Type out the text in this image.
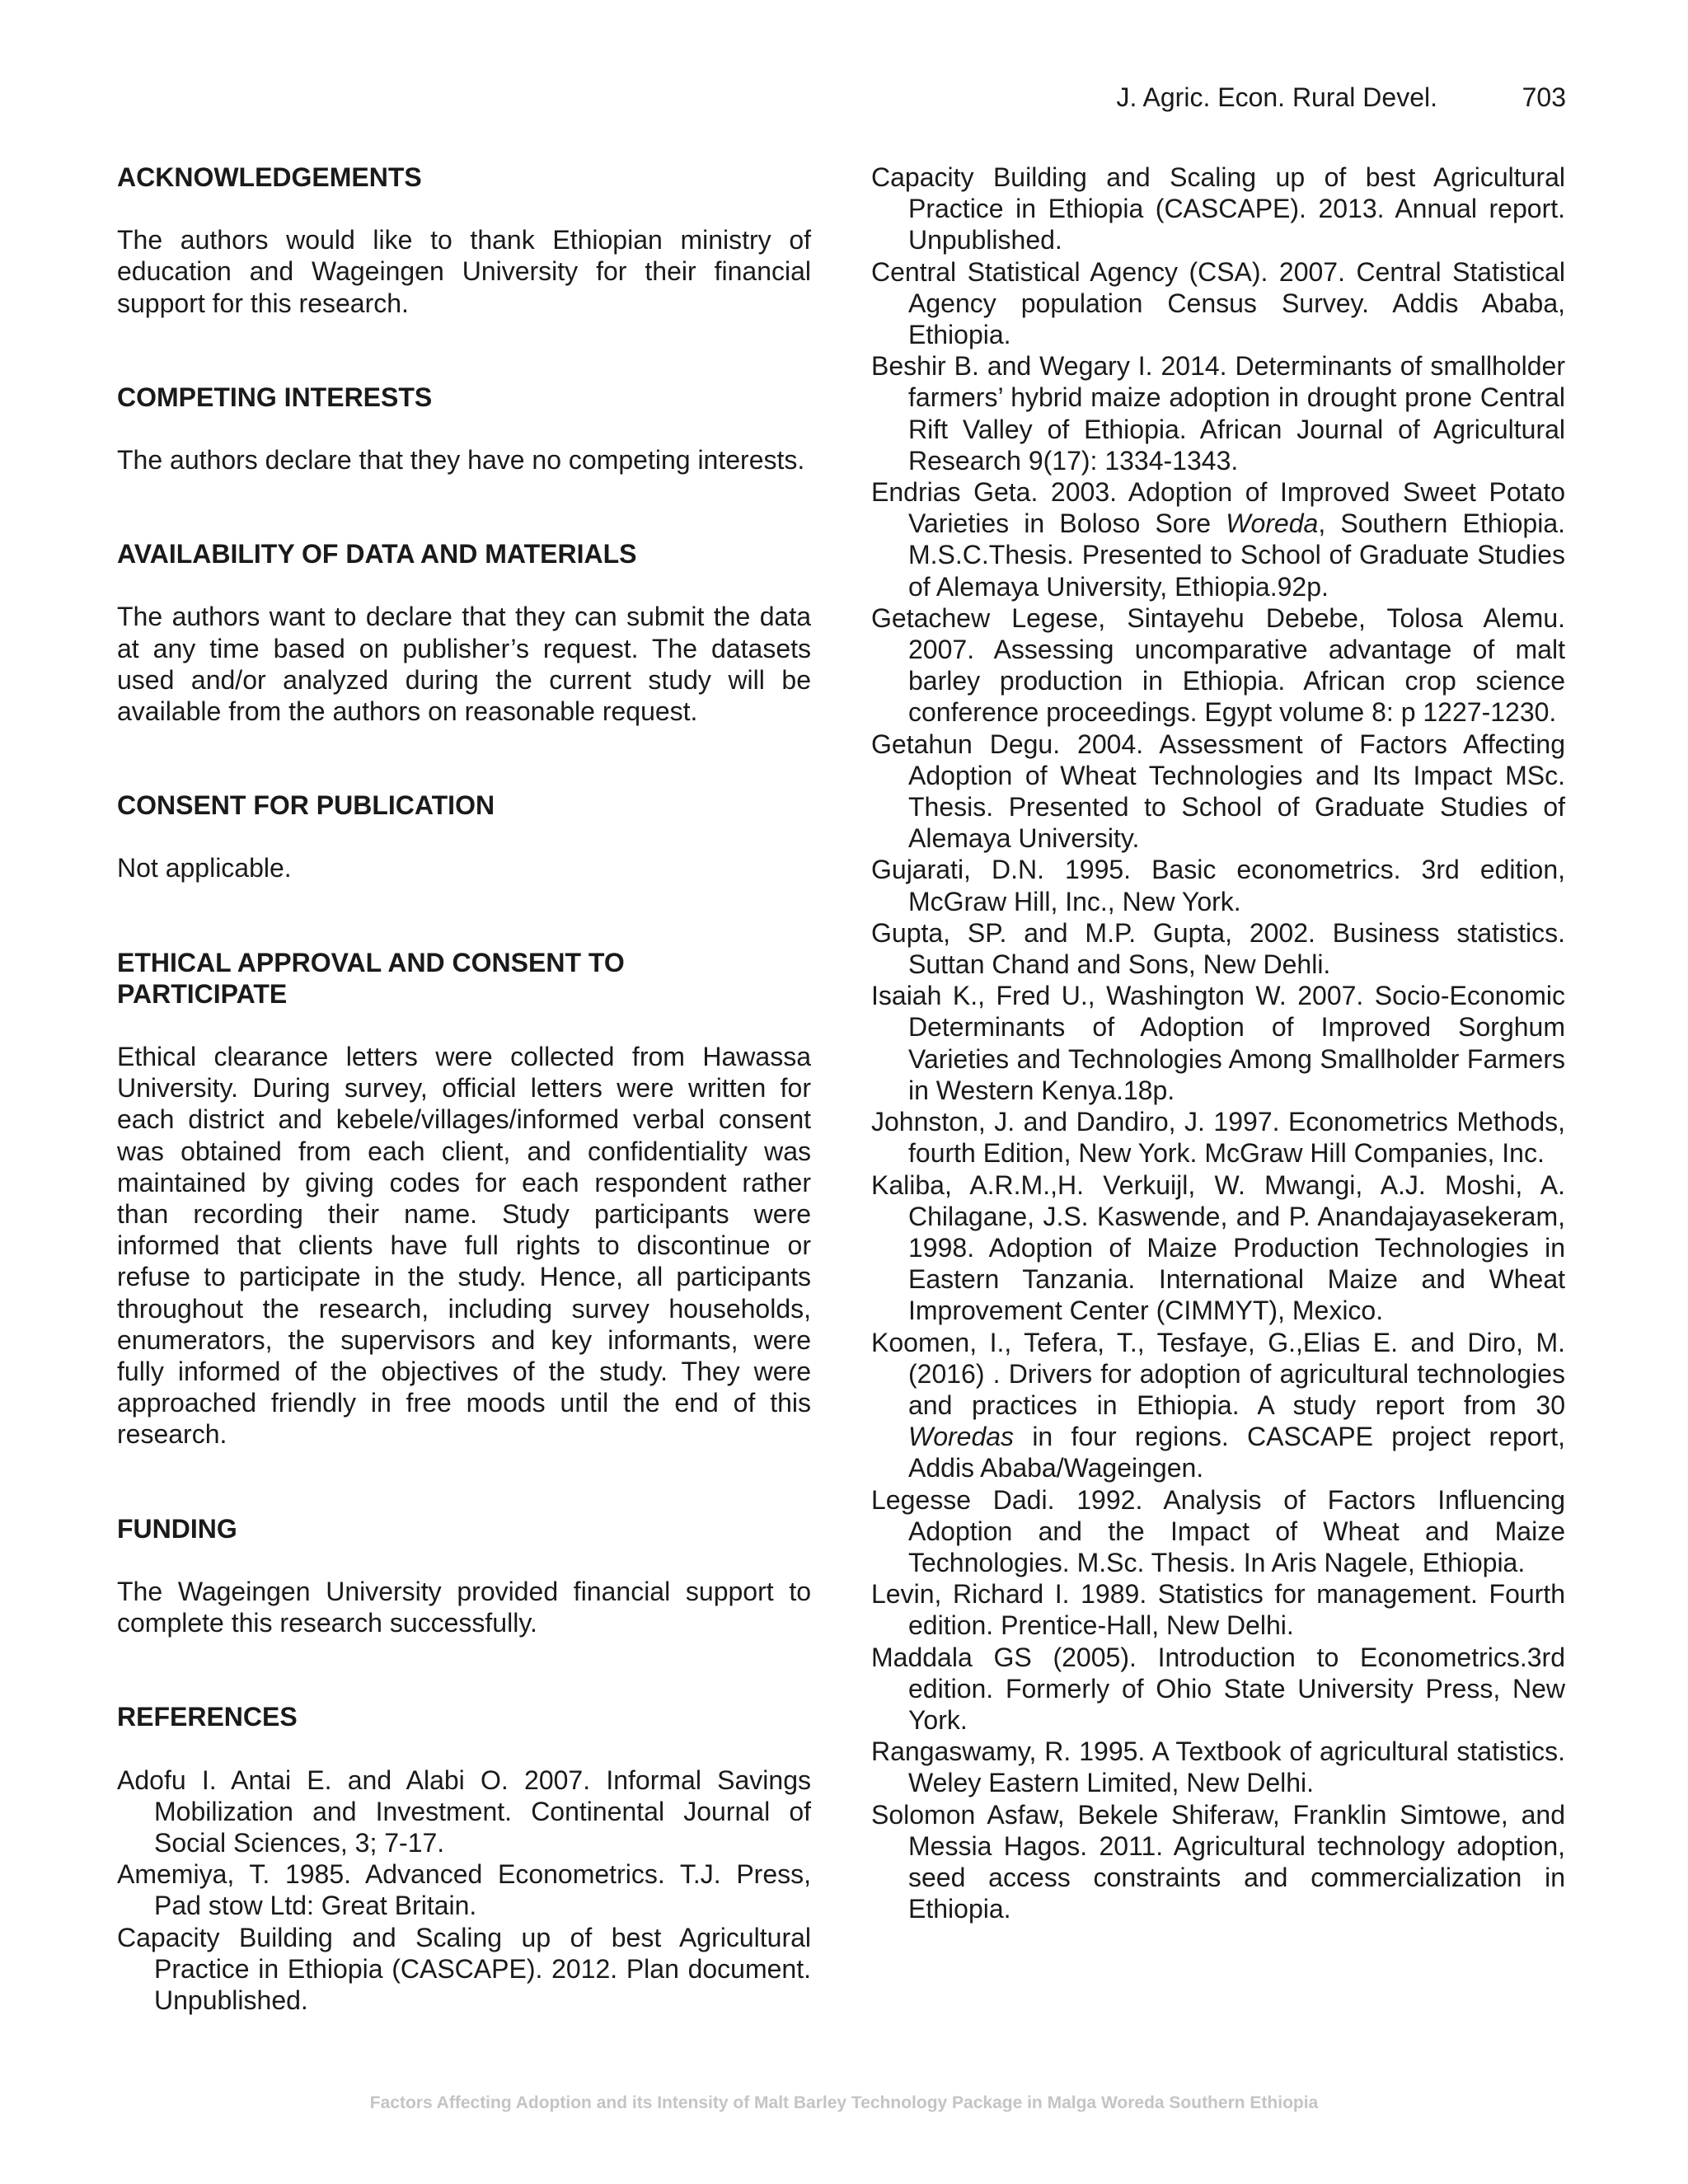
J. Agric. Econ. Rural Devel.	703

ACKNOWLEDGEMENTS

The authors would like to thank Ethiopian ministry of education and Wageingen University for their financial support for this research.

COMPETING INTERESTS

The authors declare that they have no competing interests.

AVAILABILITY OF DATA AND MATERIALS

The authors want to declare that they can submit the data at any time based on publisher’s request. The datasets used and/or analyzed during the current study will be available from the authors on reasonable request.

CONSENT FOR PUBLICATION

Not applicable.

ETHICAL APPROVAL AND CONSENT TO PARTICIPATE

Ethical clearance letters were collected from Hawassa University. During survey, official letters were written for each district and kebele/villages/informed verbal consent was obtained from each client, and confidentiality was maintained by giving codes for each respondent rather than recording their name. Study participants were informed that clients have full rights to discontinue or refuse to participate in the study. Hence, all participants throughout the research, including survey households, enumerators, the supervisors and key informants, were fully informed of the objectives of the study. They were approached friendly in free moods until the end of this research.

FUNDING

The Wageingen University provided financial support to complete this research successfully.

REFERENCES

Adofu I. Antai E. and Alabi O. 2007. Informal Savings Mobilization and Investment. Continental Journal of Social Sciences, 3; 7-17.

Amemiya, T. 1985. Advanced Econometrics. T.J. Press, Pad stow Ltd: Great Britain.

Capacity Building and Scaling up of best Agricultural Practice in Ethiopia (CASCAPE). 2012. Plan document. Unpublished.

Capacity Building and Scaling up of best Agricultural Practice in Ethiopia (CASCAPE). 2013. Annual report. Unpublished.

Central Statistical Agency (CSA). 2007. Central Statistical Agency population Census Survey. Addis Ababa, Ethiopia.

Beshir B. and Wegary I. 2014. Determinants of smallholder farmers’ hybrid maize adoption in drought prone Central Rift Valley of Ethiopia. African Journal of Agricultural Research 9(17): 1334-1343.

Endrias Geta. 2003. Adoption of Improved Sweet Potato Varieties in Boloso Sore Woreda, Southern Ethiopia. M.S.C.Thesis. Presented to School of Graduate Studies of Alemaya University, Ethiopia.92p.

Getachew Legese, Sintayehu Debebe, Tolosa Alemu. 2007. Assessing uncomparative advantage of malt barley production in Ethiopia. African crop science conference proceedings. Egypt volume 8: p 1227-1230.

Getahun Degu. 2004. Assessment of Factors Affecting Adoption of Wheat Technologies and Its Impact MSc. Thesis. Presented to School of Graduate Studies of Alemaya University.

Gujarati, D.N. 1995. Basic econometrics. 3rd edition, McGraw Hill, Inc., New York.

Gupta, SP. and M.P. Gupta, 2002. Business statistics. Suttan Chand and Sons, New Dehli.

Isaiah K., Fred U., Washington W. 2007. Socio-Economic Determinants of Adoption of Improved Sorghum Varieties and Technologies Among Smallholder Farmers in Western Kenya.18p.

Johnston, J. and Dandiro, J. 1997. Econometrics Methods, fourth Edition, New York. McGraw Hill Companies, Inc.

Kaliba, A.R.M.,H. Verkuijl, W. Mwangi, A.J. Moshi, A. Chilagane, J.S. Kaswende, and P. Anandajayasekeram, 1998. Adoption of Maize Production Technologies in Eastern Tanzania. International Maize and Wheat Improvement Center (CIMMYT), Mexico.

Koomen, I., Tefera, T., Tesfaye, G.,Elias E. and Diro, M. (2016) . Drivers for adoption of agricultural technologies and practices in Ethiopia. A study report from 30 Woredas in four regions. CASCAPE project report, Addis Ababa/Wageingen.

Legesse Dadi. 1992. Analysis of Factors Influencing Adoption and the Impact of Wheat and Maize Technologies. M.Sc. Thesis. In Aris Nagele, Ethiopia.

Levin, Richard I. 1989. Statistics for management. Fourth edition. Prentice-Hall, New Delhi.

Maddala GS (2005). Introduction to Econometrics.3rd edition. Formerly of Ohio State University Press, New York.

Rangaswamy, R. 1995. A Textbook of agricultural statistics. Weley Eastern Limited, New Delhi.

Solomon Asfaw, Bekele Shiferaw, Franklin Simtowe, and Messia Hagos. 2011. Agricultural technology adoption, seed access constraints and commercialization in Ethiopia.

Factors Affecting Adoption and its Intensity of Malt Barley Technology Package in Malga Woreda Southern Ethiopia
